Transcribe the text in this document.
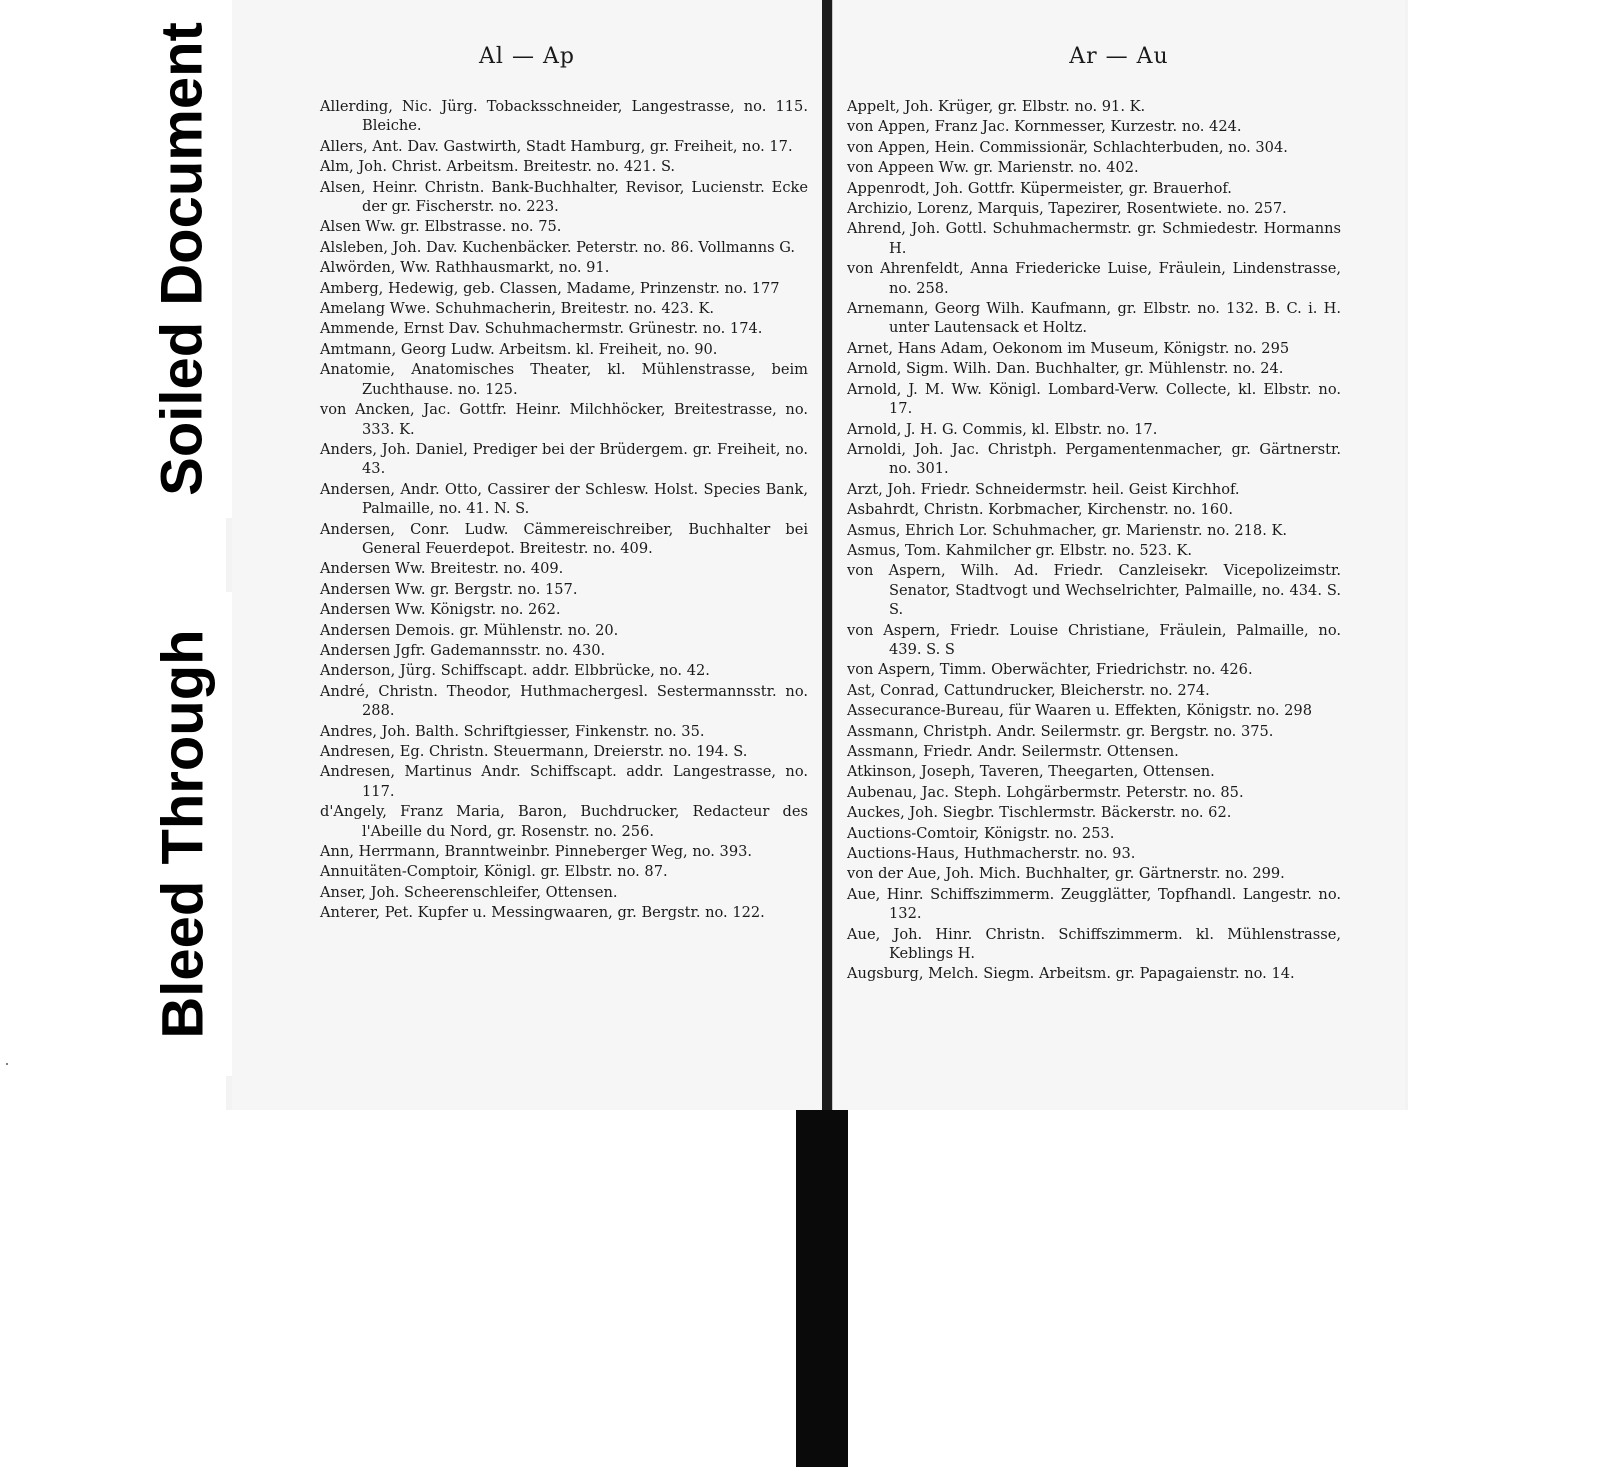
Al — Ap

Allerding, Nic. Jürg. Tobacksschneider, Langestrasse, no. 115. Bleiche.

Allers, Ant. Dav. Gastwirth, Stadt Hamburg, gr. Freiheit, no. 17.

Alm, Joh. Christ. Arbeitsm. Breitestr. no. 421. S.

Alsen, Heinr. Christn. Bank-Buchhalter, Revisor, Lucienstr. Ecke der gr. Fischerstr. no. 223.

Alsen Ww. gr. Elbstrasse. no. 75.

Alsleben, Joh. Dav. Kuchenbäcker. Peterstr. no. 86. Vollmanns G.

Alwörden, Ww. Rathhausmarkt, no. 91.

Amberg, Hedewig, geb. Classen, Madame, Prinzenstr. no. 177

Amelang Wwe. Schuhmacherin, Breitestr. no. 423. K.

Ammende, Ernst Dav. Schuhmachermstr. Grünestr. no. 174.

Amtmann, Georg Ludw. Arbeitsm. kl. Freiheit, no. 90.

Anatomie, Anatomisches Theater, kl. Mühlenstrasse, beim Zuchthause. no. 125.

von Ancken, Jac. Gottfr. Heinr. Milchhöcker, Breitestrasse, no. 333. K.

Anders, Joh. Daniel, Prediger bei der Brüdergem. gr. Freiheit, no. 43.

Andersen, Andr. Otto, Cassirer der Schlesw. Holst. Species Bank, Palmaille, no. 41. N. S.

Andersen, Conr. Ludw. Cämmereischreiber, Buchhalter bei General Feuerdepot. Breitestr. no. 409.

Andersen Ww. Breitestr. no. 409.

Andersen Ww. gr. Bergstr. no. 157.

Andersen Ww. Königstr. no. 262.

Andersen Demois. gr. Mühlenstr. no. 20.

Andersen Jgfr. Gademannsstr. no. 430.

Anderson, Jürg. Schiffscapt. addr. Elbbrücke, no. 42.

André, Christn. Theodor, Huthmachergesl. Sestermannsstr. no. 288.

Andres, Joh. Balth. Schriftgiesser, Finkenstr. no. 35.

Andresen, Eg. Christn. Steuermann, Dreierstr. no. 194. S.

Andresen, Martinus Andr. Schiffscapt. addr. Langestrasse, no. 117.

d'Angely, Franz Maria, Baron, Buchdrucker, Redacteur des l'Abeille du Nord, gr. Rosenstr. no. 256.

Ann, Herrmann, Branntweinbr. Pinneberger Weg, no. 393.

Annuitäten-Comptoir, Königl. gr. Elbstr. no. 87.

Anser, Joh. Scheerenschleifer, Ottensen.

Anterer, Pet. Kupfer u. Messingwaaren, gr. Bergstr. no. 122.

Ar — Au

Appelt, Joh. Krüger, gr. Elbstr. no. 91. K.

von Appen, Franz Jac. Kornmesser, Kurzestr. no. 424.

von Appen, Hein. Commissionär, Schlachterbuden, no. 304.

von Appeen Ww. gr. Marienstr. no. 402.

Appenrodt, Joh. Gottfr. Küpermeister, gr. Brauerhof.

Archizio, Lorenz, Marquis, Tapezirer, Rosentwiete. no. 257.

Ahrend, Joh. Gottl. Schuhmachermstr. gr. Schmiedestr. Hormanns H.

von Ahrenfeldt, Anna Friedericke Luise, Fräulein, Lindenstrasse, no. 258.

Arnemann, Georg Wilh. Kaufmann, gr. Elbstr. no. 132. B. C. i. H. unter Lautensack et Holtz.

Arnet, Hans Adam, Oekonom im Museum, Königstr. no. 295

Arnold, Sigm. Wilh. Dan. Buchhalter, gr. Mühlenstr. no. 24.

Arnold, J. M. Ww. Königl. Lombard-Verw. Collecte, kl. Elbstr. no. 17.

Arnold, J. H. G. Commis, kl. Elbstr. no. 17.

Arnoldi, Joh. Jac. Christph. Pergamentenmacher, gr. Gärtnerstr. no. 301.

Arzt, Joh. Friedr. Schneidermstr. heil. Geist Kirchhof.

Asbahrdt, Christn. Korbmacher, Kirchenstr. no. 160.

Asmus, Ehrich Lor. Schuhmacher, gr. Marienstr. no. 218. K.

Asmus, Tom. Kahmilcher gr. Elbstr. no. 523. K.

von Aspern, Wilh. Ad. Friedr. Canzleisekr. Vicepolizeimstr. Senator, Stadtvogt und Wechselrichter, Palmaille, no. 434. S. S.

von Aspern, Friedr. Louise Christiane, Fräulein, Palmaille, no. 439. S. S

von Aspern, Timm. Oberwächter, Friedrichstr. no. 426.

Ast, Conrad, Cattundrucker, Bleicherstr. no. 274.

Assecurance-Bureau, für Waaren u. Effekten, Königstr. no. 298

Assmann, Christph. Andr. Seilermstr. gr. Bergstr. no. 375.

Assmann, Friedr. Andr. Seilermstr. Ottensen.

Atkinson, Joseph, Taveren, Theegarten, Ottensen.

Aubenau, Jac. Steph. Lohgärbermstr. Peterstr. no. 85.

Auckes, Joh. Siegbr. Tischlermstr. Bäckerstr. no. 62.

Auctions-Comtoir, Königstr. no. 253.

Auctions-Haus, Huthmacherstr. no. 93.

von der Aue, Joh. Mich. Buchhalter, gr. Gärtnerstr. no. 299.

Aue, Hinr. Schiffszimmerm. Zeugglätter, Topfhandl. Langestr. no. 132.

Aue, Joh. Hinr. Christn. Schiffszimmerm. kl. Mühlenstrasse, Keblings H.

Augsburg, Melch. Siegm. Arbeitsm. gr. Papagaienstr. no. 14.

Soiled Document
Bleed Through
